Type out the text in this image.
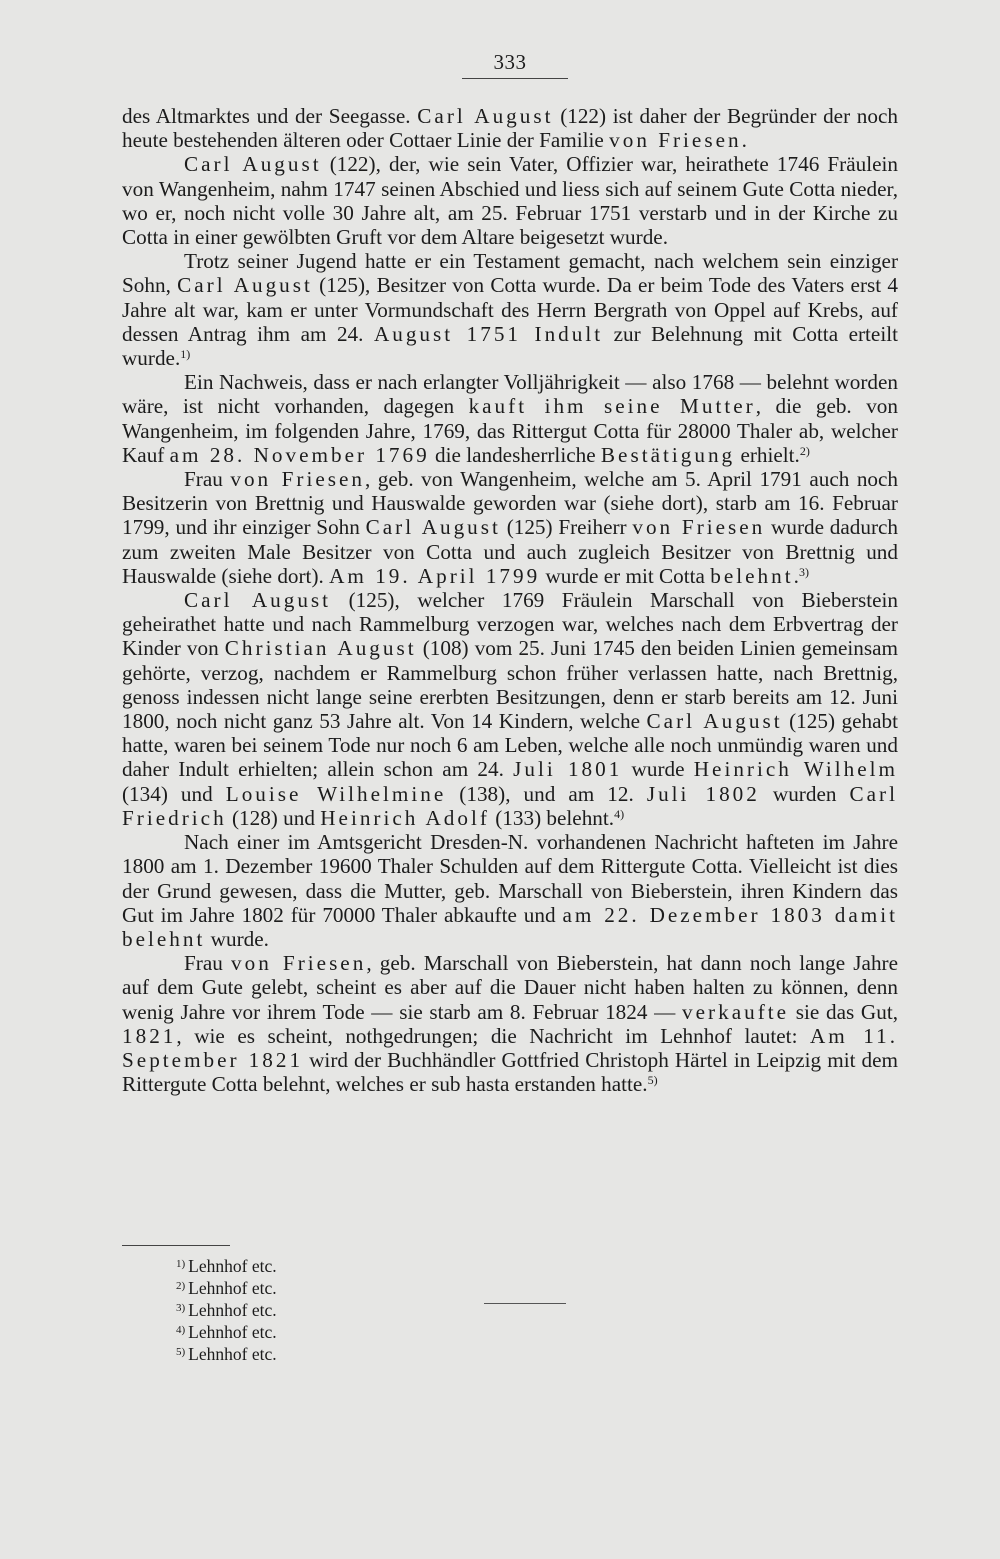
333

des Altmarktes und der Seegasse. Carl August (122) ist daher der Begründer der noch heute bestehenden älteren oder Cottaer Linie der Familie von Friesen.

Carl August (122), der, wie sein Vater, Offizier war, heirathete 1746 Fräulein von Wangenheim, nahm 1747 seinen Abschied und liess sich auf seinem Gute Cotta nieder, wo er, noch nicht volle 30 Jahre alt, am 25. Februar 1751 verstarb und in der Kirche zu Cotta in einer gewölbten Gruft vor dem Altare beigesetzt wurde.

Trotz seiner Jugend hatte er ein Testament gemacht, nach welchem sein einziger Sohn, Carl August (125), Besitzer von Cotta wurde. Da er beim Tode des Vaters erst 4 Jahre alt war, kam er unter Vormundschaft des Herrn Bergrath von Oppel auf Krebs, auf dessen Antrag ihm am 24. August 1751 Indult zur Belehnung mit Cotta erteilt wurde.$^{1)}$

Ein Nachweis, dass er nach erlangter Volljährigkeit — also 1768 — belehnt worden wäre, ist nicht vorhanden, dagegen kauft ihm seine Mutter, die geb. von Wangenheim, im folgenden Jahre, 1769, das Rittergut Cotta für 28000 Thaler ab, welcher Kauf am 28. November 1769 die landesherrliche Bestätigung erhielt.$^{2)}$

Frau von Friesen, geb. von Wangenheim, welche am 5. April 1791 auch noch Besitzerin von Brettnig und Hauswalde geworden war (siehe dort), starb am 16. Februar 1799, und ihr einziger Sohn Carl August (125) Freiherr von Friesen wurde dadurch zum zweiten Male Besitzer von Cotta und auch zugleich Besitzer von Brettnig und Hauswalde (siehe dort). Am 19. April 1799 wurde er mit Cotta belehnt.$^{3)}$

Carl August (125), welcher 1769 Fräulein Marschall von Bieberstein geheirathet hatte und nach Rammelburg verzogen war, welches nach dem Erbvertrag der Kinder von Christian August (108) vom 25. Juni 1745 den beiden Linien gemeinsam gehörte, verzog, nachdem er Rammelburg schon früher verlassen hatte, nach Brettnig, genoss indessen nicht lange seine ererbten Besitzungen, denn er starb bereits am 12. Juni 1800, noch nicht ganz 53 Jahre alt. Von 14 Kindern, welche Carl August (125) gehabt hatte, waren bei seinem Tode nur noch 6 am Leben, welche alle noch unmündig waren und daher Indult erhielten; allein schon am 24. Juli 1801 wurde Heinrich Wilhelm (134) und Louise Wilhelmine (138), und am 12. Juli 1802 wurden Carl Friedrich (128) und Heinrich Adolf (133) belehnt.$^{4)}$

Nach einer im Amtsgericht Dresden-N. vorhandenen Nachricht hafteten im Jahre 1800 am 1. Dezember 19600 Thaler Schulden auf dem Rittergute Cotta. Vielleicht ist dies der Grund gewesen, dass die Mutter, geb. Marschall von Bieberstein, ihren Kindern das Gut im Jahre 1802 für 70000 Thaler abkaufte und am 22. Dezember 1803 damit belehnt wurde.

Frau von Friesen, geb. Marschall von Bieberstein, hat dann noch lange Jahre auf dem Gute gelebt, scheint es aber auf die Dauer nicht haben halten zu können, denn wenig Jahre vor ihrem Tode — sie starb am 8. Februar 1824 — verkaufte sie das Gut, 1821, wie es scheint, nothgedrungen; die Nachricht im Lehnhof lautet: Am 11. September 1821 wird der Buchhändler Gottfried Christoph Härtel in Leipzig mit dem Rittergute Cotta belehnt, welches er sub hasta erstanden hatte.$^{5)}$

$^{1)}$ Lehnhof etc.
$^{2)}$ Lehnhof etc.
$^{3)}$ Lehnhof etc.
$^{4)}$ Lehnhof etc.
$^{5)}$ Lehnhof etc.
